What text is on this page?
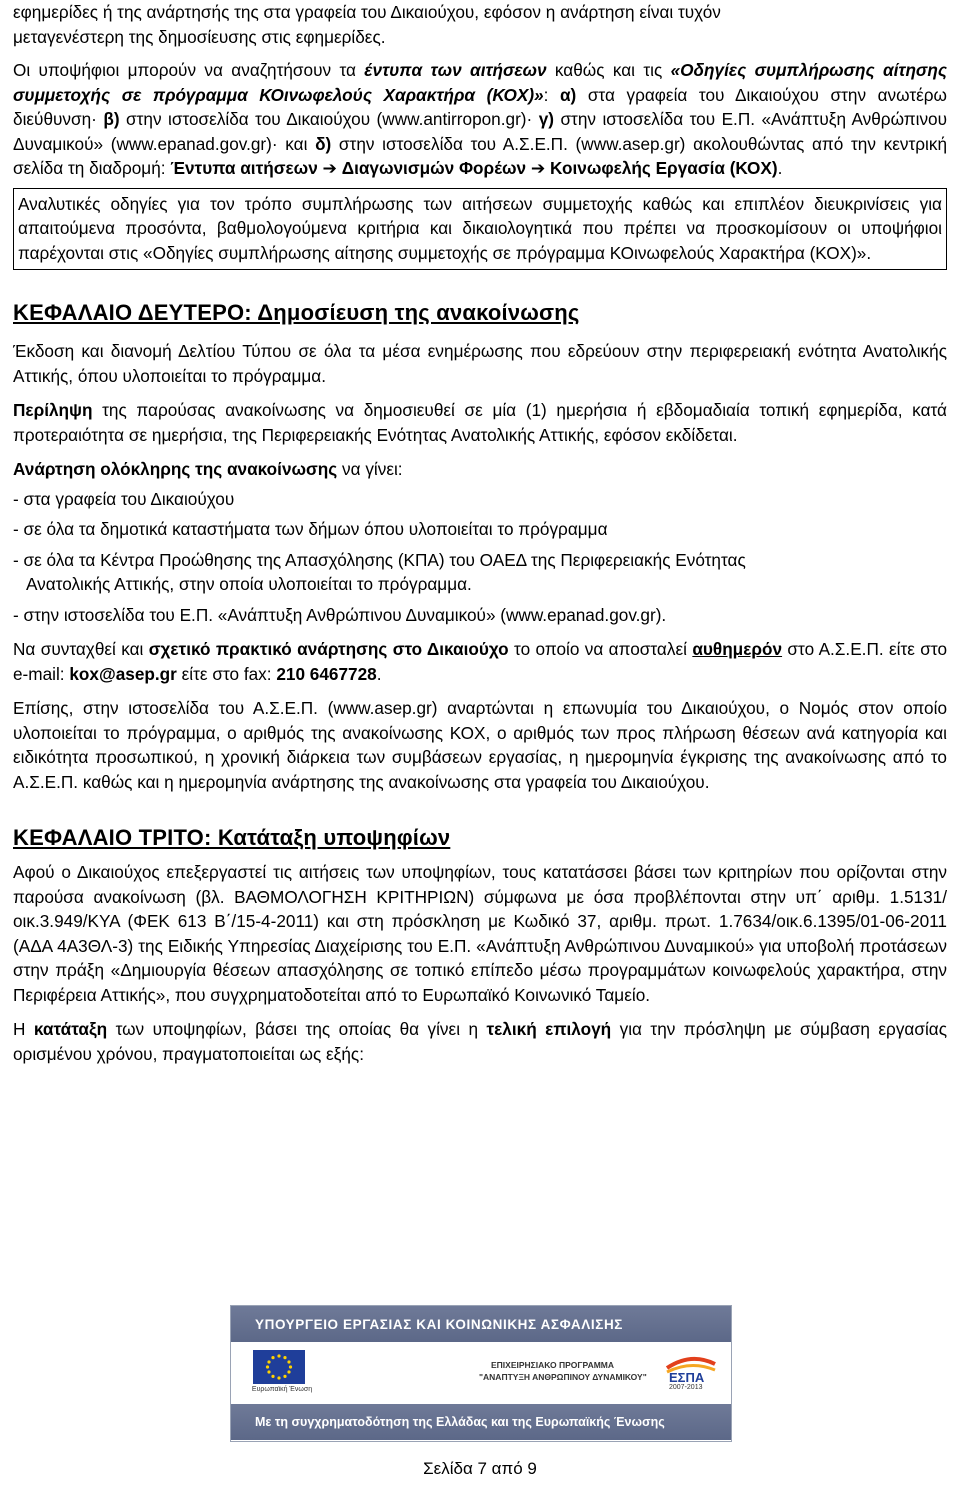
εφημερίδες ή της ανάρτησής της στα γραφεία του Δικαιούχου, εφόσον η ανάρτηση είναι τυχόν
μεταγενέστερη της δημοσίευσης στις εφημερίδες.

Οι υποψήφιοι μπορούν να αναζητήσουν τα έντυπα των αιτήσεων καθώς και τις «Οδηγίες συμπλήρωσης αίτησης συμμετοχής σε πρόγραμμα ΚΟινωφελούς Χαρακτήρα (ΚΟΧ)»: α) στα γραφεία του Δικαιούχου στην ανωτέρω διεύθυνση· β) στην ιστοσελίδα του Δικαιούχου (www.antirropon.gr)· γ) στην ιστοσελίδα του Ε.Π. «Ανάπτυξη Ανθρώπινου Δυναμικού» (www.epanad.gov.gr)· και δ) στην ιστοσελίδα του Α.Σ.Ε.Π. (www.asep.gr) ακολουθώντας από την κεντρική σελίδα τη διαδρομή: Έντυπα αιτήσεων ➔ Διαγωνισμών Φορέων ➔ Κοινωφελής Εργασία (ΚΟΧ).

Αναλυτικές οδηγίες για τον τρόπο συμπλήρωσης των αιτήσεων συμμετοχής καθώς και επιπλέον διευκρινίσεις για απαιτούμενα προσόντα, βαθμολογούμενα κριτήρια και δικαιολογητικά που πρέπει να προσκομίσουν οι υποψήφιοι παρέχονται στις «Οδηγίες συμπλήρωσης αίτησης συμμετοχής σε πρόγραμμα ΚΟινωφελούς Χαρακτήρα (ΚΟΧ)».

ΚΕΦΑΛΑΙΟ ΔΕΥΤΕΡΟ: Δημοσίευση της ανακοίνωσης

Έκδοση και διανομή Δελτίου Τύπου σε όλα τα μέσα ενημέρωσης που εδρεύουν στην περιφερειακή ενότητα Ανατολικής Αττικής, όπου υλοποιείται το πρόγραμμα.

Περίληψη της παρούσας ανακοίνωσης να δημοσιευθεί σε μία (1) ημερήσια ή εβδομαδιαία τοπική εφημερίδα, κατά προτεραιότητα σε ημερήσια, της Περιφερειακής Ενότητας Ανατολικής Αττικής, εφόσον εκδίδεται.

Ανάρτηση ολόκληρης της ανακοίνωσης να γίνει:

- στα γραφεία του Δικαιούχου

- σε όλα τα δημοτικά καταστήματα των δήμων όπου υλοποιείται το πρόγραμμα

- σε όλα τα Κέντρα Προώθησης της Απασχόλησης (ΚΠΑ) του ΟΑΕΔ της Περιφερειακής Ενότητας
Ανατολικής Αττικής, στην οποία υλοποιείται το πρόγραμμα.

- στην ιστοσελίδα του Ε.Π. «Ανάπτυξη Ανθρώπινου Δυναμικού» (www.epanad.gov.gr).

Να συνταχθεί και σχετικό πρακτικό ανάρτησης στο Δικαιούχο το οποίο να αποσταλεί αυθημερόν στο Α.Σ.Ε.Π. είτε στο e-mail: kox@asep.gr είτε στο fax: 210 6467728.

Επίσης, στην ιστοσελίδα του Α.Σ.Ε.Π. (www.asep.gr) αναρτώνται η επωνυμία του Δικαιούχου, ο Νομός στον οποίο υλοποιείται το πρόγραμμα, ο αριθμός της ανακοίνωσης ΚΟΧ, ο αριθμός των προς πλήρωση θέσεων ανά κατηγορία και ειδικότητα προσωπικού, η χρονική διάρκεια των συμβάσεων εργασίας, η ημερομηνία έγκρισης της ανακοίνωσης από το Α.Σ.Ε.Π. καθώς και η ημερομηνία ανάρτησης της ανακοίνωσης στα γραφεία του Δικαιούχου.

ΚΕΦΑΛΑΙΟ ΤΡΙΤΟ: Κατάταξη υποψηφίων

Αφού ο Δικαιούχος επεξεργαστεί τις αιτήσεις των υποψηφίων, τους κατατάσσει βάσει των κριτηρίων που ορίζονται στην παρούσα ανακοίνωση (βλ. ΒΑΘΜΟΛΟΓΗΣΗ ΚΡΙΤΗΡΙΩΝ) σύμφωνα με όσα προβλέπονται στην υπ΄ αριθμ. 1.5131/οικ.3.949/ΚΥΑ (ΦΕΚ 613 Β΄/15-4-2011) και στη πρόσκληση με Κωδικό 37, αριθμ. πρωτ. 1.7634/οικ.6.1395/01-06-2011 (ΑΔΑ 4Α3ΘΛ-3) της Ειδικής Υπηρεσίας Διαχείρισης του Ε.Π. «Ανάπτυξη Ανθρώπινου Δυναμικού» για υποβολή προτάσεων στην πράξη «Δημιουργία θέσεων απασχόλησης σε τοπικό επίπεδο μέσω προγραμμάτων κοινωφελούς χαρακτήρα, στην Περιφέρεια Αττικής», που συγχρηματοδοτείται από το Ευρωπαϊκό Κοινωνικό Ταμείο.

Η κατάταξη των υποψηφίων, βάσει της οποίας θα γίνει η τελική επιλογή για την πρόσληψη με σύμβαση εργασίας ορισμένου χρόνου, πραγματοποιείται ως εξής:

ΥΠΟΥΡΓΕΙΟ ΕΡΓΑΣΙΑΣ ΚΑΙ ΚΟΙΝΩΝΙΚΗΣ ΑΣΦΑΛΙΣΗΣ
Ευρωπαϊκή Ένωση
ΕΠΙΧΕΙΡΗΣΙΑΚΟ ΠΡΟΓΡΑΜΜΑ
"ΑΝΑΠΤΥΞΗ ΑΝΘΡΩΠΙΝΟΥ ΔΥΝΑΜΙΚΟΥ" ΕΣΠΑ
2007-2013
Με τη συγχρηματοδότηση της Ελλάδας και της Ευρωπαϊκής Ένωσης
Σελίδα 7 από 9
